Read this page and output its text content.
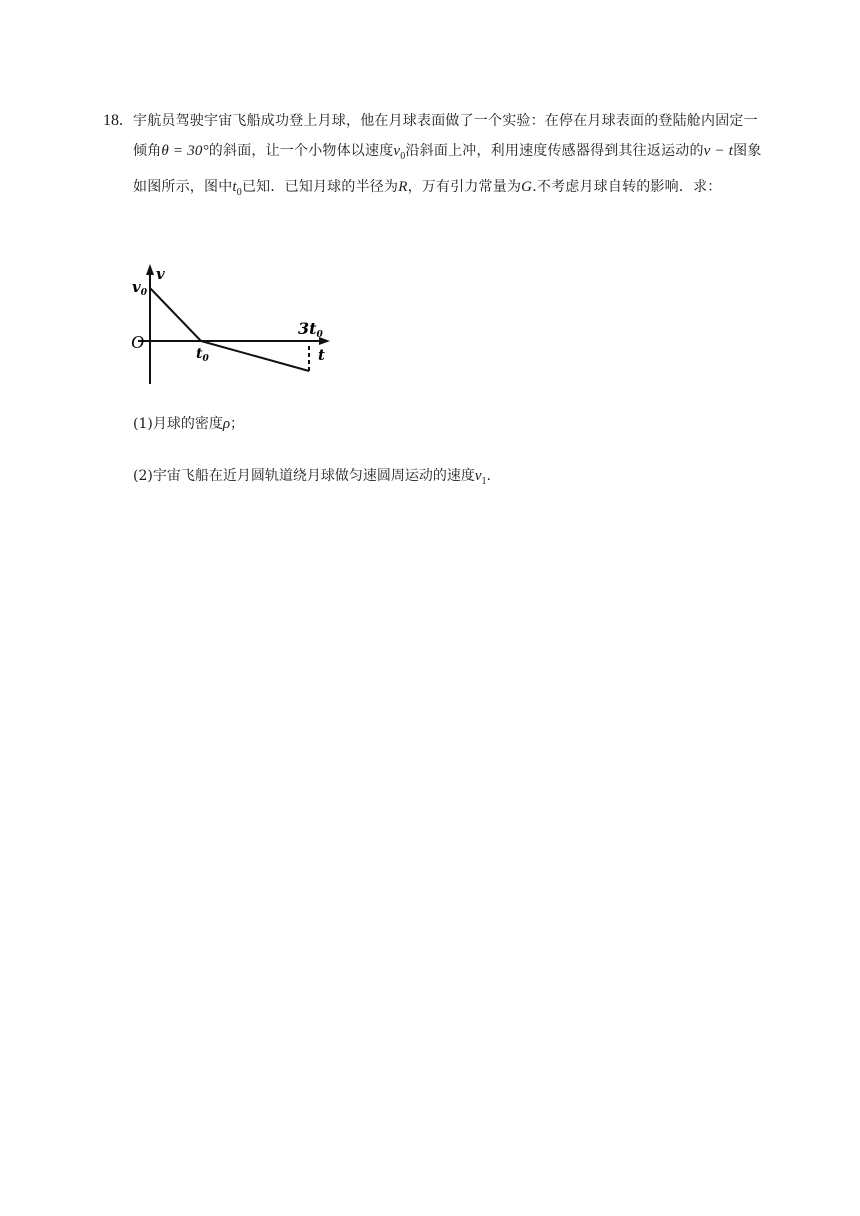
18. 宇航员驾驶宇宙飞船成功登上月球，他在月球表面做了一个实验：在停在月球表面的登陆舱内固定一倾角θ = 30°的斜面，让一个小物体以速度$v_0$沿斜面上冲，利用速度传感器得到其往返运动的v − t图象如图所示，图中$t_0$已知．已知月球的半径为R，万有引力常量为G.不考虑月球自转的影响．求：
v
t
O
$v_0$
$t_0$
3t0
(1)月球的密度ρ；
(2)宇宙飞船在近月圆轨道绕月球做匀速圆周运动的速度$v_1$.
